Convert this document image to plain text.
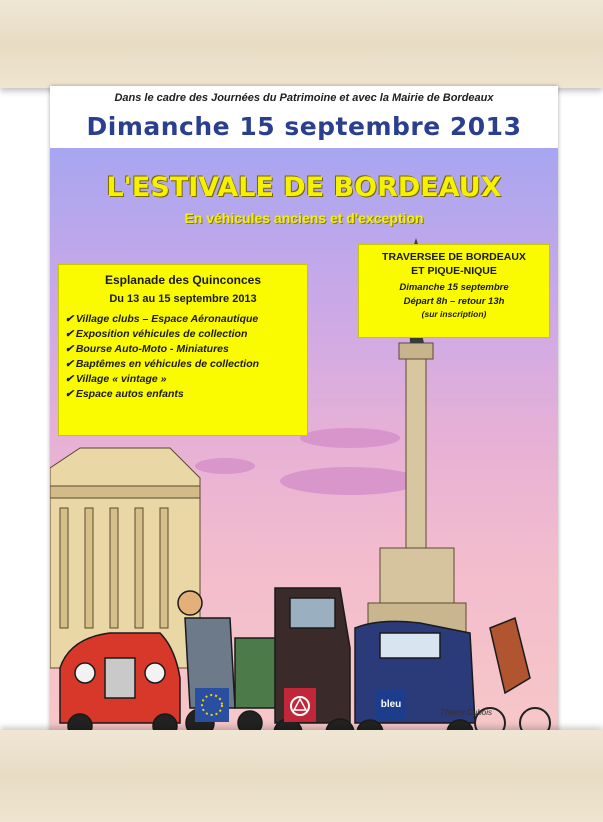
Dans le cadre des Journées du Patrimoine et avec la Mairie de Bordeaux
Dimanche 15 septembre 2013
L'ESTIVALE DE BORDEAUX
En véhicules anciens et d'exception
Esplanade des Quinconces
Du 13 au 15 septembre 2013
✔ Village clubs – Espace Aéronautique
✔ Exposition véhicules de collection
✔ Bourse Auto-Moto - Miniatures
✔ Baptêmes en véhicules de collection
✔ Village « vintage »
✔ Espace autos enfants
TRAVERSEE DE BORDEAUX
ET PIQUE-NIQUE
Dimanche 15 septembre
Départ 8h – retour 13h
(sur inscription)
bleu
Thierry Dubois
